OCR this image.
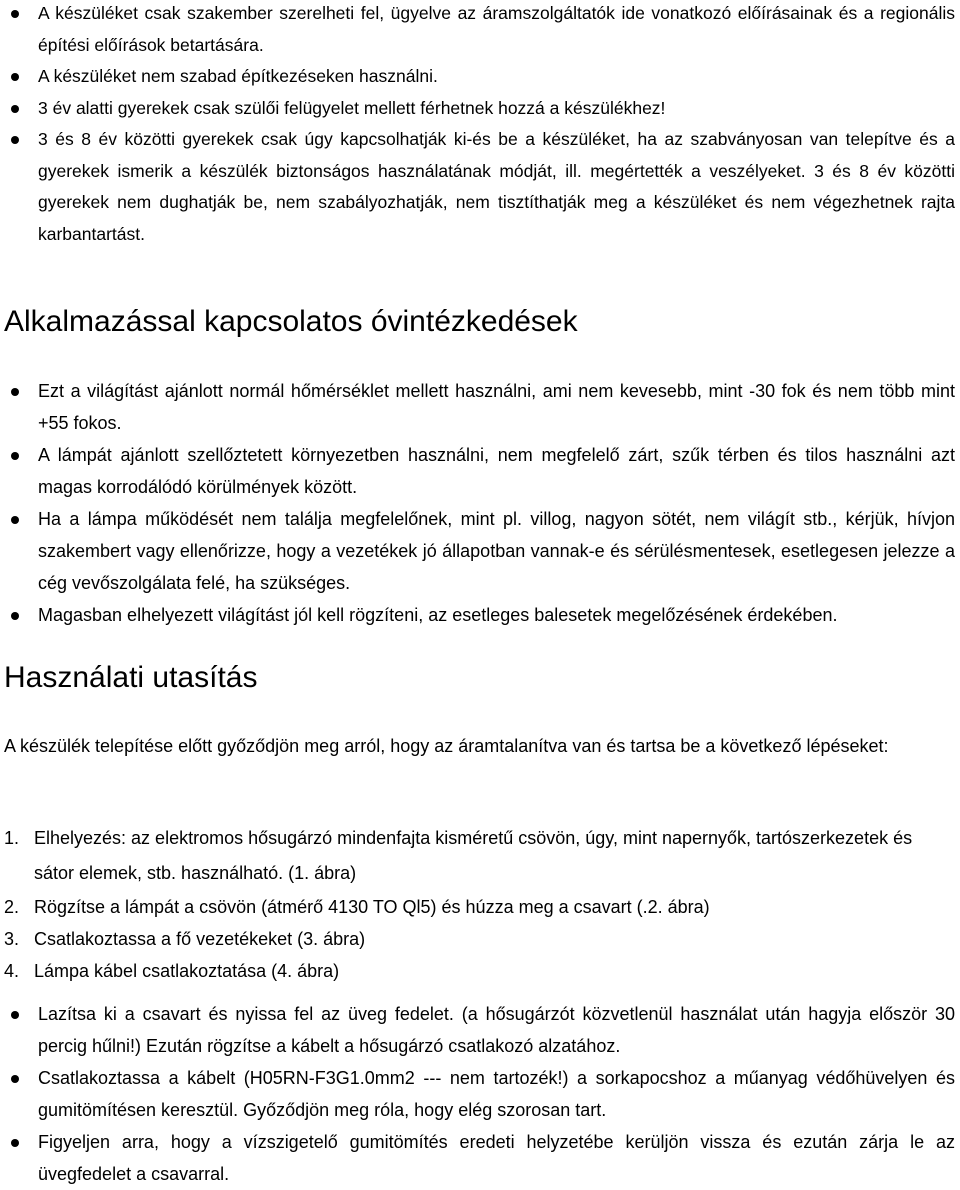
A készüléket csak szakember szerelheti fel, ügyelve az áramszolgáltatók ide vonatkozó előírásainak és a regionális építési előírások betartására.
A készüléket nem szabad építkezéseken használni.
3 év alatti gyerekek csak szülői felügyelet mellett férhetnek hozzá a készülékhez!
3 és 8 év közötti gyerekek csak úgy kapcsolhatják ki-és be a készüléket, ha az szabványosan van telepítve és a gyerekek ismerik a készülék biztonságos használatának módját, ill. megértették a veszélyeket. 3 és 8 év közötti gyerekek nem dughatják be, nem szabályozhatják, nem tisztíthatják meg a készüléket és nem végezhetnek rajta karbantartást.
Alkalmazással kapcsolatos óvintézkedések
Ezt a világítást ajánlott normál hőmérséklet mellett használni, ami nem kevesebb, mint -30 fok és nem több mint +55 fokos.
A lámpát ajánlott szellőztetett környezetben használni, nem megfelelő zárt, szűk térben és tilos használni azt magas korrodálódó körülmények között.
Ha a lámpa működését nem találja megfelelőnek, mint pl. villog, nagyon sötét, nem világít stb., kérjük, hívjon szakembert vagy ellenőrizze, hogy a vezetékek jó állapotban vannak-e és sérülésmentesek, esetlegesen jelezze a cég vevőszolgálata felé, ha szükséges.
Magasban elhelyezett világítást jól kell rögzíteni, az esetleges balesetek megelőzésének érdekében.
Használati utasítás
A készülék telepítése előtt győződjön meg arról, hogy az áramtalanítva van és tartsa be a következő lépéseket:
1. Elhelyezés: az elektromos hősugárzó mindenfajta kisméretű csövön, úgy, mint napernyők, tartószerkezetek és sátor elemek, stb. használható. (1. ábra)
2. Rögzítse a lámpát a csövön (átmérő 4130 TO Ql5) és húzza meg a csavart (.2. ábra)
3. Csatlakoztassa a fő vezetékeket (3. ábra)
4. Lámpa kábel csatlakoztatása (4. ábra)
Lazítsa ki a csavart és nyissa fel az üveg fedelet. (a hősugárzót közvetlenül használat után hagyja először 30 percig hűlni!) Ezután rögzítse a kábelt a hősugárzó csatlakozó alzatához.
Csatlakoztassa a kábelt (H05RN-F3G1.0mm2 --- nem tartozék!) a sorkapocshoz a műanyag védőhüvelyen és gumitömítésen keresztül. Győződjön meg róla, hogy elég szorosan tart.
Figyeljen arra, hogy a vízszigetelő gumitömítés eredeti helyzetébe kerüljön vissza és ezután zárja le az üvegfedelet a csavarral.
